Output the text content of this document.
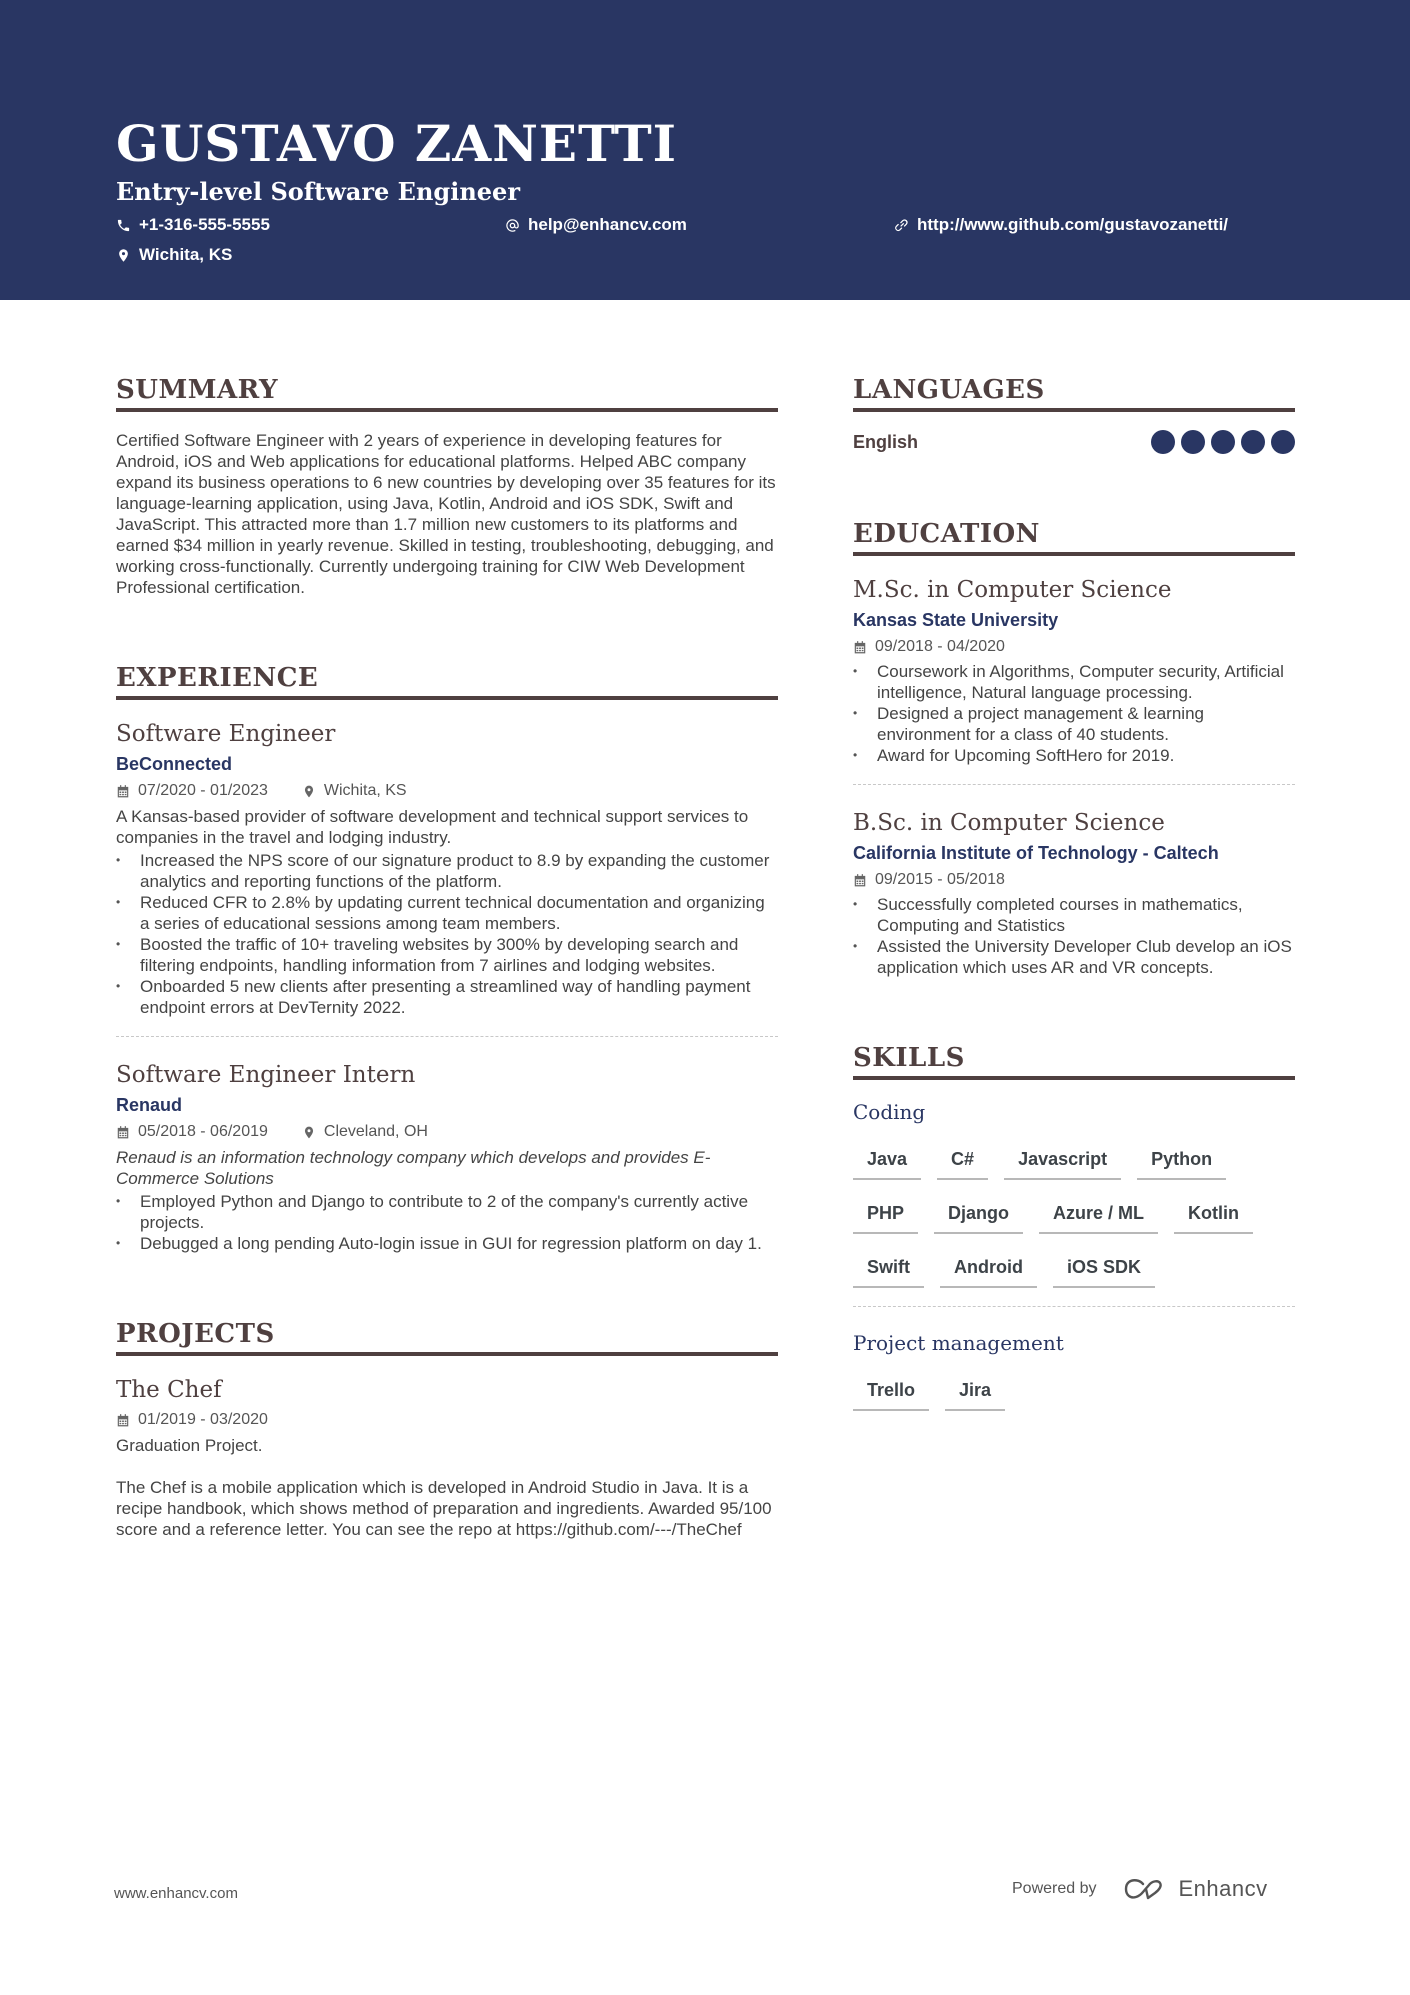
GUSTAVO ZANETTI
Entry-level Software Engineer
+1-316-555-5555	help@enhancv.com	http://www.github.com/gustavozanetti/
Wichita, KS
SUMMARY

Certified Software Engineer with 2 years of experience in developing features for Android, iOS and Web applications for educational platforms. Helped ABC company expand its business operations to 6 new countries by developing over 35 features for its language-learning application, using Java, Kotlin, Android and iOS SDK, Swift and JavaScript. This attracted more than 1.7 million new customers to its platforms and earned $34 million in yearly revenue. Skilled in testing, troubleshooting, debugging, and working cross-functionally. Currently undergoing training for CIW Web Development Professional certification.

EXPERIENCE
Software Engineer
BeConnected
07/2020 - 01/2023	Wichita, KS

A Kansas-based provider of software development and technical support services to companies in the travel and lodging industry.

• Increased the NPS score of our signature product to 8.9 by expanding the customer analytics and reporting functions of the platform.
• Reduced CFR to 2.8% by updating current technical documentation and organizing a series of educational sessions among team members.
• Boosted the traffic of 10+ traveling websites by 300% by developing search and filtering endpoints, handling information from 7 airlines and lodging websites.
• Onboarded 5 new clients after presenting a streamlined way of handling payment endpoint errors at DevTernity 2022.
Software Engineer Intern
Renaud
05/2018 - 06/2019	Cleveland, OH

Renaud is an information technology company which develops and provides E-Commerce Solutions

• Employed Python and Django to contribute to 2 of the company's currently active projects.
• Debugged a long pending Auto-login issue in GUI for regression platform on day 1.
PROJECTS
The Chef
01/2019 - 03/2020

Graduation Project.

The Chef is a mobile application which is developed in Android Studio in Java. It is a recipe handbook, which shows method of preparation and ingredients. Awarded 95/100 score and a reference letter. You can see the repo at https://github.com/---/TheChef

LANGUAGES
English
EDUCATION
M.Sc. in Computer Science
Kansas State University
09/2018 - 04/2020
• Coursework in Algorithms, Computer security, Artificial intelligence, Natural language processing.
• Designed a project management & learning environment for a class of 40 students.
• Award for Upcoming SoftHero for 2019.
B.Sc. in Computer Science
California Institute of Technology - Caltech
09/2015 - 05/2018
• Successfully completed courses in mathematics, Computing and Statistics
• Assisted the University Developer Club develop an iOS application which uses AR and VR concepts.
SKILLS
Coding
Java	C#	Javascript	Python
PHP	Django	Azure / ML	Kotlin
Swift	Android	iOS SDK
Project management
Trello	Jira
www.enhancv.com	Powered by	Enhancv
